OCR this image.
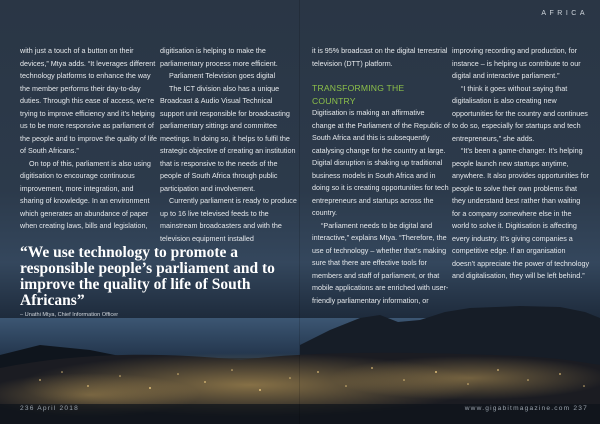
AFRICA

with just a touch of a button on their devices,” Mtya adds. “It leverages different technology platforms to enhance the way the member performs their day-to-day duties. Through this ease of access, we’re trying to improve efficiency and it’s helping us to be more responsive as parliament of the people and to improve the quality of life of South Africans.”

On top of this, parliament is also using digitisation to encourage continuous improvement, more integration, and sharing of knowledge. In an environment which generates an abundance of paper when creating laws, bills and legislation,

digitisation is helping to make the parliamentary process more efficient.

Parliament Television goes digital

The ICT division also has a unique Broadcast & Audio Visual Technical support unit responsible for broadcasting parliamentary sittings and committee meetings. In doing so, it helps to fulfil the strategic objective of creating an institution that is responsive to the needs of the people of South Africa through public participation and involvement.

Currently parliament is ready to produce up to 16 live televised feeds to the mainstream broadcasters and with the television equipment installed

it is 95% broadcast on the digital terrestrial television (DTT) platform.

TRANSFORMING THE COUNTRY

Digitisation is making an affirmative change at the Parliament of the Republic of South Africa and this is subsequently catalysing change for the country at large. Digital disruption is shaking up traditional business models in South Africa and in doing so it is creating opportunities for tech entrepreneurs and startups across the country.

“Parliament needs to be digital and interactive,” explains Mtya. “Therefore, the use of technology – whether that’s making sure that there are effective tools for members and staff of parliament, or that mobile applications are enriched with user-friendly parliamentary information, or

improving recording and production, for instance – is helping us contribute to our digital and interactive parliament.”

“I think it goes without saying that digitalisation is also creating new opportunities for the country and continues to do so, especially for startups and tech entrepreneurs,” she adds.

“It’s been a game-changer. It’s helping people launch new startups anytime, anywhere. It also provides opportunities for people to solve their own problems that they understand best rather than waiting for a company somewhere else in the world to solve it. Digitisation is affecting every industry. It’s giving companies a competitive edge. If an organisation doesn’t appreciate the power of technology and digitalisation, they will be left behind.”

“We use technology to promote a responsible people’s parliament and to improve the quality of life of South Africans”
– Unathi Mtya, Chief Information Officer
236 April 2018	www.gigabitmagazine.com 237
